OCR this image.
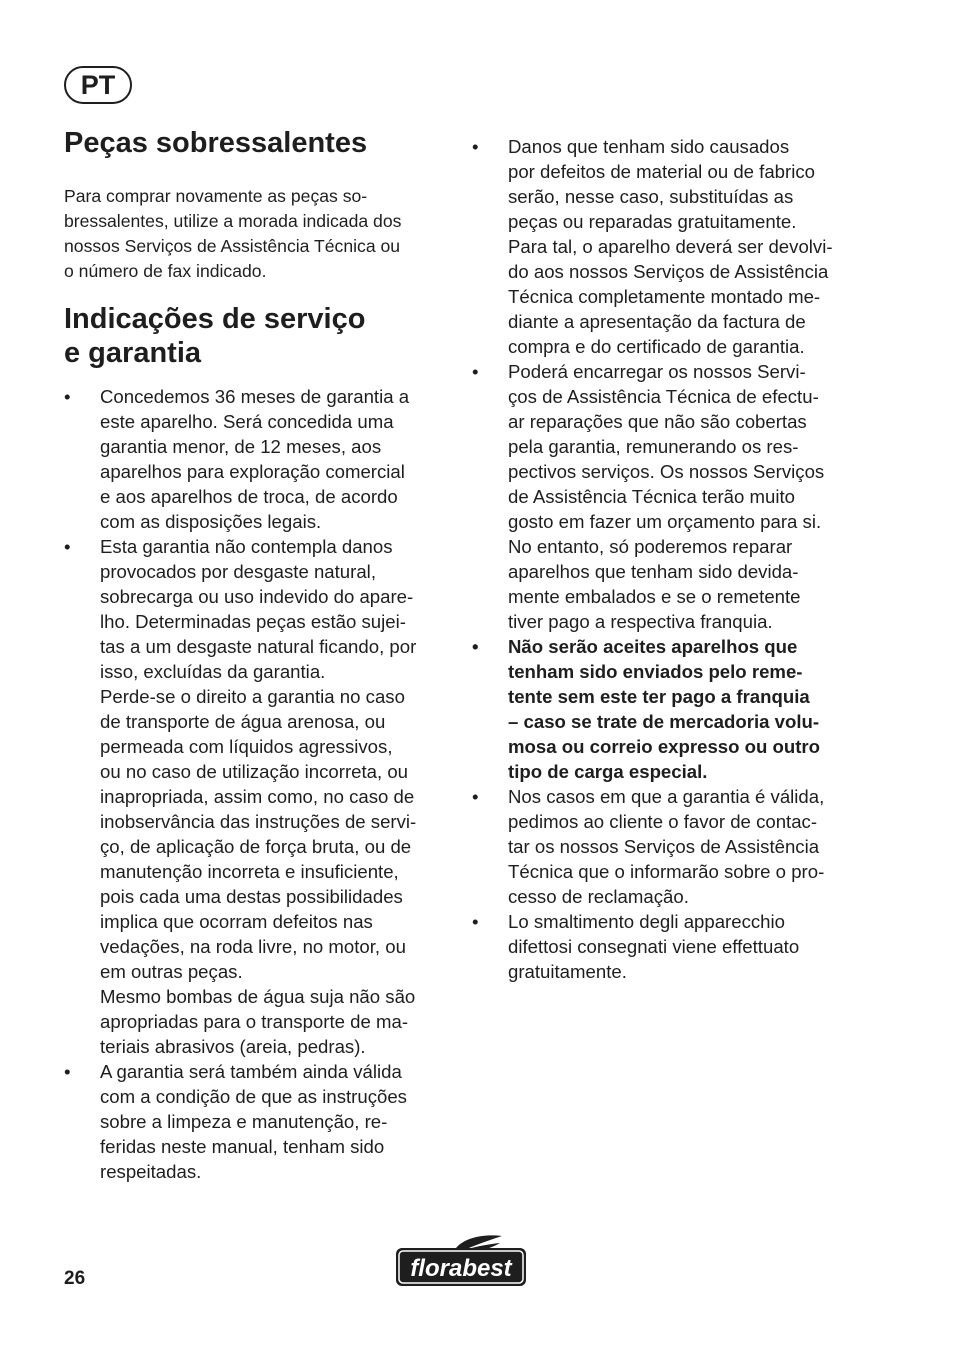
PT
Peças sobressalentes
Para comprar novamente as peças so-
bressalentes, utilize a morada indicada dos
nossos Serviços de Assistência Técnica ou
o número de fax indicado.
Indicações de serviço
e garantia
• Concedemos 36 meses de garantia a
este aparelho. Será concedida uma
garantia menor, de 12 meses, aos
aparelhos para exploração comercial
e aos aparelhos de troca, de acordo
com as disposições legais.
• Esta garantia não contempla danos
provocados por desgaste natural,
sobrecarga ou uso indevido do apare-
lho. Determinadas peças estão sujei-
tas a um desgaste natural ficando, por
isso, excluídas da garantia.
Perde-se o direito a garantia no caso
de transporte de água arenosa, ou
permeada com líquidos agressivos,
ou no caso de utilização incorreta, ou
inapropriada, assim como, no caso de
inobservância das instruções de servi-
ço, de aplicação de força bruta, ou de
manutenção incorreta e insuficiente,
pois cada uma destas possibilidades
implica que ocorram defeitos nas
vedações, na roda livre, no motor, ou
em outras peças.
Mesmo bombas de água suja não são
apropriadas para o transporte de ma-
teriais abrasivos (areia, pedras).
• A garantia será também ainda válida
com a condição de que as instruções
sobre a limpeza e manutenção, re-
feridas neste manual, tenham sido
respeitadas.
• Danos que tenham sido causados
por defeitos de material ou de fabrico
serão, nesse caso, substituídas as
peças ou reparadas gratuitamente.
Para tal, o aparelho deverá ser devolvi-
do aos nossos Serviços de Assistência
Técnica completamente montado me-
diante a apresentação da factura de
compra e do certificado de garantia.
• Poderá encarregar os nossos Servi-
ços de Assistência Técnica de efectu-
ar reparações que não são cobertas
pela garantia, remunerando os res-
pectivos serviços. Os nossos Serviços
de Assistência Técnica terão muito
gosto em fazer um orçamento para si.
No entanto, só poderemos reparar
aparelhos que tenham sido devida-
mente embalados e se o remetente
tiver pago a respectiva franquia.
• Não serão aceites aparelhos que
tenham sido enviados pelo reme-
tente sem este ter pago a franquia
– caso se trate de mercadoria volu-
mosa ou correio expresso ou outro
tipo de carga especial.
• Nos casos em que a garantia é válida,
pedimos ao cliente o favor de contac-
tar os nossos Serviços de Assistência
Técnica que o informarão sobre o pro-
cesso de reclamação.
• Lo smaltimento degli apparecchio
difettosi consegnati viene effettuato
gratuitamente.
26	florabest
